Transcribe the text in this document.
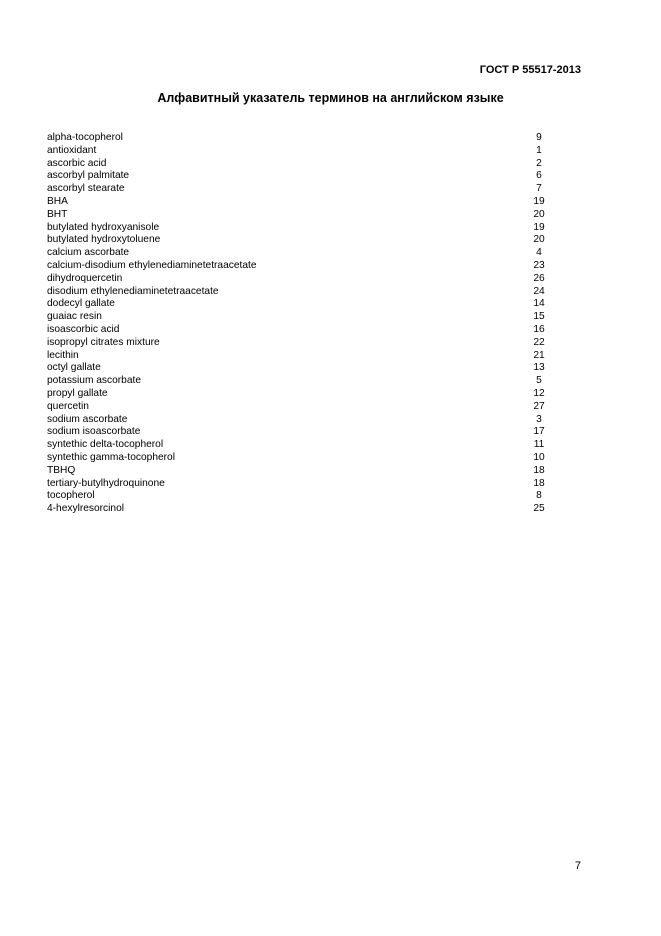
ГОСТ Р 55517-2013
Алфавитный указатель терминов на английском языке
alpha-tocopherol	9
antioxidant	1
ascorbic acid	2
ascorbyl palmitate	6
ascorbyl stearate	7
BHA	19
BHT	20
butylated hydroxyanisole	19
butylated hydroxytoluene	20
calcium ascorbate	4
calcium-disodium ethylenediaminetetraacetate	23
dihydroquercetin	26
disodium ethylenediaminetetraacetate	24
dodecyl gallate	14
guaiac resin	15
isoascorbic acid	16
isopropyl citrates mixture	22
lecithin	21
octyl gallate	13
potassium ascorbate	5
propyl gallate	12
quercetin	27
sodium ascorbate	3
sodium isoascorbate	17
syntethic delta-tocopherol	11
syntethic gamma-tocopherol	10
TBHQ	18
tertiary-butylhydroquinone	18
tocopherol	8
4-hexylresorcinol	25
7
